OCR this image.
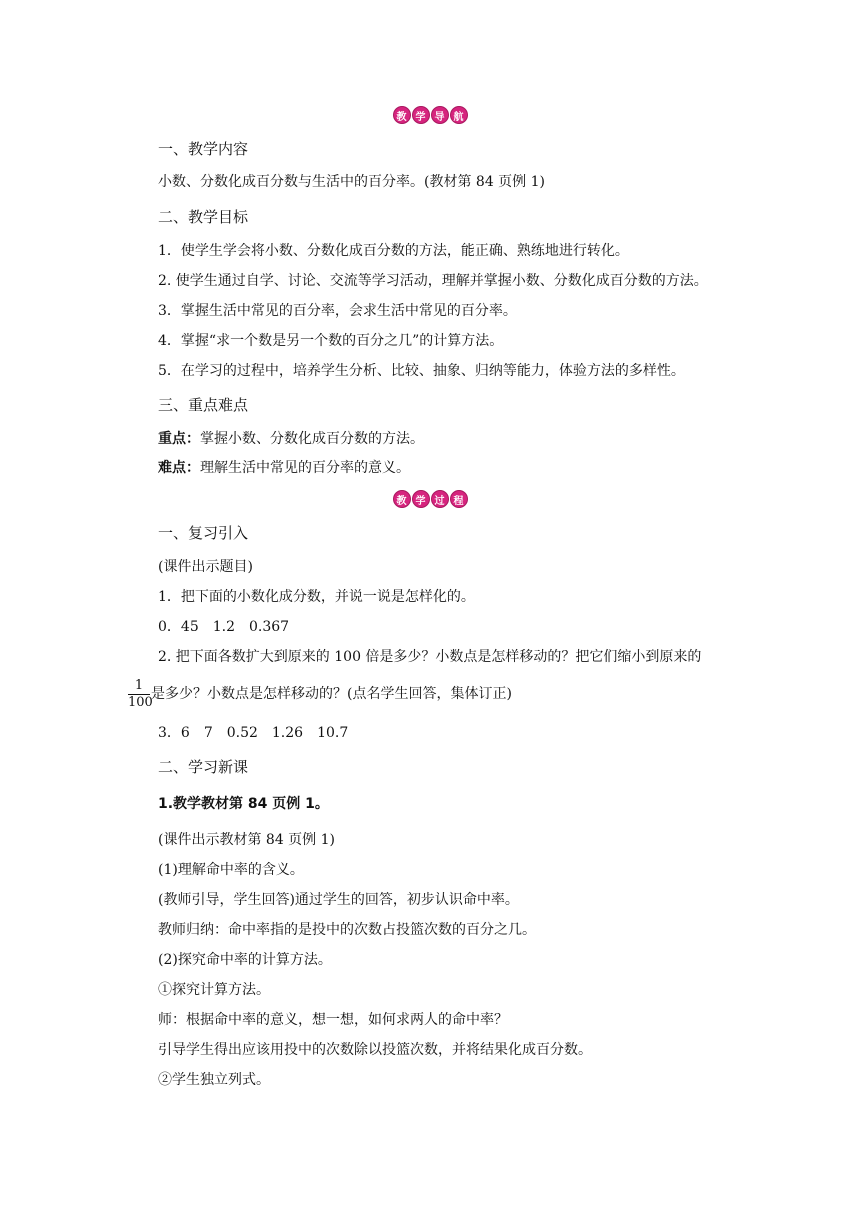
教 学 导 航
一、教学内容
小数、分数化成百分数与生活中的百分率。(教材第 84 页例 1)
二、教学目标
1．使学生学会将小数、分数化成百分数的方法，能正确、熟练地进行转化。
2. 使学生通过自学、讨论、交流等学习活动，理解并掌握小数、分数化成百分数的方法。
3．掌握生活中常见的百分率，会求生活中常见的百分率。
4．掌握“求一个数是另一个数的百分之几”的计算方法。
5．在学习的过程中，培养学生分析、比较、抽象、归纳等能力，体验方法的多样性。
三、重点难点
重点：掌握小数、分数化成百分数的方法。
难点：理解生活中常见的百分率的意义。
教 学 过 程
一、复习引入
(课件出示题目)
1．把下面的小数化成分数，并说一说是怎样化的。
0．45　1.2　0.367
2. 把下面各数扩大到原来的 100 倍是多少？小数点是怎样移动的？把它们缩小到原来的
$\frac{1}{100}$ 是多少？小数点是怎样移动的？(点名学生回答，集体订正)
3．6　7　0.52　1.26　10.7
二、学习新课
1.教学教材第 84 页例 1。
(课件出示教材第 84 页例 1)
(1)理解命中率的含义。
(教师引导，学生回答)通过学生的回答，初步认识命中率。
教师归纳：命中率指的是投中的次数占投篮次数的百分之几。
(2)探究命中率的计算方法。
①探究计算方法。
师：根据命中率的意义，想一想，如何求两人的命中率？
引导学生得出应该用投中的次数除以投篮次数，并将结果化成百分数。
②学生独立列式。
